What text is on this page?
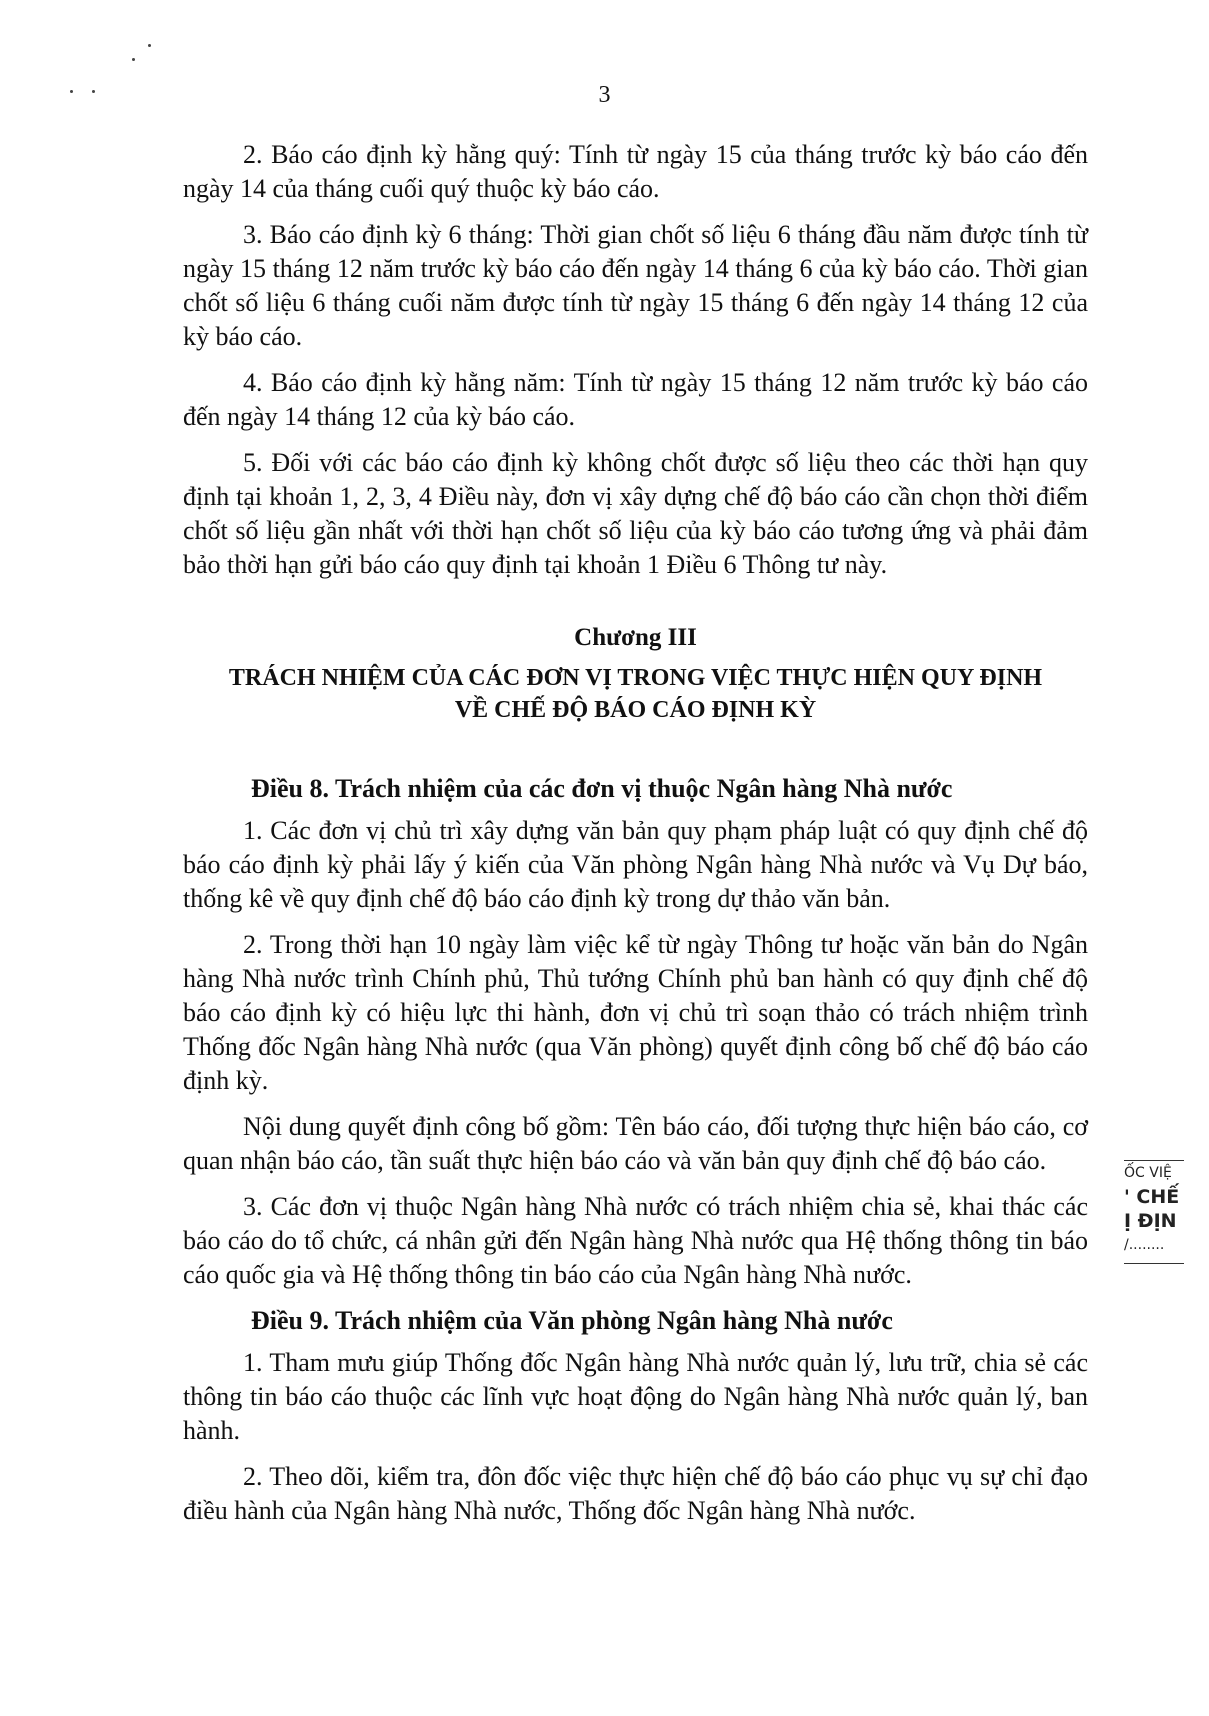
3

2. Báo cáo định kỳ hằng quý: Tính từ ngày 15 của tháng trước kỳ báo cáo đến ngày 14 của tháng cuối quý thuộc kỳ báo cáo.

3. Báo cáo định kỳ 6 tháng: Thời gian chốt số liệu 6 tháng đầu năm được tính từ ngày 15 tháng 12 năm trước kỳ báo cáo đến ngày 14 tháng 6 của kỳ báo cáo. Thời gian chốt số liệu 6 tháng cuối năm được tính từ ngày 15 tháng 6 đến ngày 14 tháng 12 của kỳ báo cáo.

4. Báo cáo định kỳ hằng năm: Tính từ ngày 15 tháng 12 năm trước kỳ báo cáo đến ngày 14 tháng 12 của kỳ báo cáo.

5. Đối với các báo cáo định kỳ không chốt được số liệu theo các thời hạn quy định tại khoản 1, 2, 3, 4 Điều này, đơn vị xây dựng chế độ báo cáo cần chọn thời điểm chốt số liệu gần nhất với thời hạn chốt số liệu của kỳ báo cáo tương ứng và phải đảm bảo thời hạn gửi báo cáo quy định tại khoản 1 Điều 6 Thông tư này.

Chương III
TRÁCH NHIỆM CỦA CÁC ĐƠN VỊ TRONG VIỆC THỰC HIỆN QUY ĐỊNH
VỀ CHẾ ĐỘ BÁO CÁO ĐỊNH KỲ
Điều 8. Trách nhiệm của các đơn vị thuộc Ngân hàng Nhà nước

1. Các đơn vị chủ trì xây dựng văn bản quy phạm pháp luật có quy định chế độ báo cáo định kỳ phải lấy ý kiến của Văn phòng Ngân hàng Nhà nước và Vụ Dự báo, thống kê về quy định chế độ báo cáo định kỳ trong dự thảo văn bản.

2. Trong thời hạn 10 ngày làm việc kể từ ngày Thông tư hoặc văn bản do Ngân hàng Nhà nước trình Chính phủ, Thủ tướng Chính phủ ban hành có quy định chế độ báo cáo định kỳ có hiệu lực thi hành, đơn vị chủ trì soạn thảo có trách nhiệm trình Thống đốc Ngân hàng Nhà nước (qua Văn phòng) quyết định công bố chế độ báo cáo định kỳ.

Nội dung quyết định công bố gồm: Tên báo cáo, đối tượng thực hiện báo cáo, cơ quan nhận báo cáo, tần suất thực hiện báo cáo và văn bản quy định chế độ báo cáo.

3. Các đơn vị thuộc Ngân hàng Nhà nước có trách nhiệm chia sẻ, khai thác các báo cáo do tổ chức, cá nhân gửi đến Ngân hàng Nhà nước qua Hệ thống thông tin báo cáo quốc gia và Hệ thống thông tin báo cáo của Ngân hàng Nhà nước.

Điều 9. Trách nhiệm của Văn phòng Ngân hàng Nhà nước

1. Tham mưu giúp Thống đốc Ngân hàng Nhà nước quản lý, lưu trữ, chia sẻ các thông tin báo cáo thuộc các lĩnh vực hoạt động do Ngân hàng Nhà nước quản lý, ban hành.

2. Theo dõi, kiểm tra, đôn đốc việc thực hiện chế độ báo cáo phục vụ sự chỉ đạo điều hành của Ngân hàng Nhà nước, Thống đốc Ngân hàng Nhà nước.

ỐC VIỆ
' CHẾ
Ị ĐỊN
/........
